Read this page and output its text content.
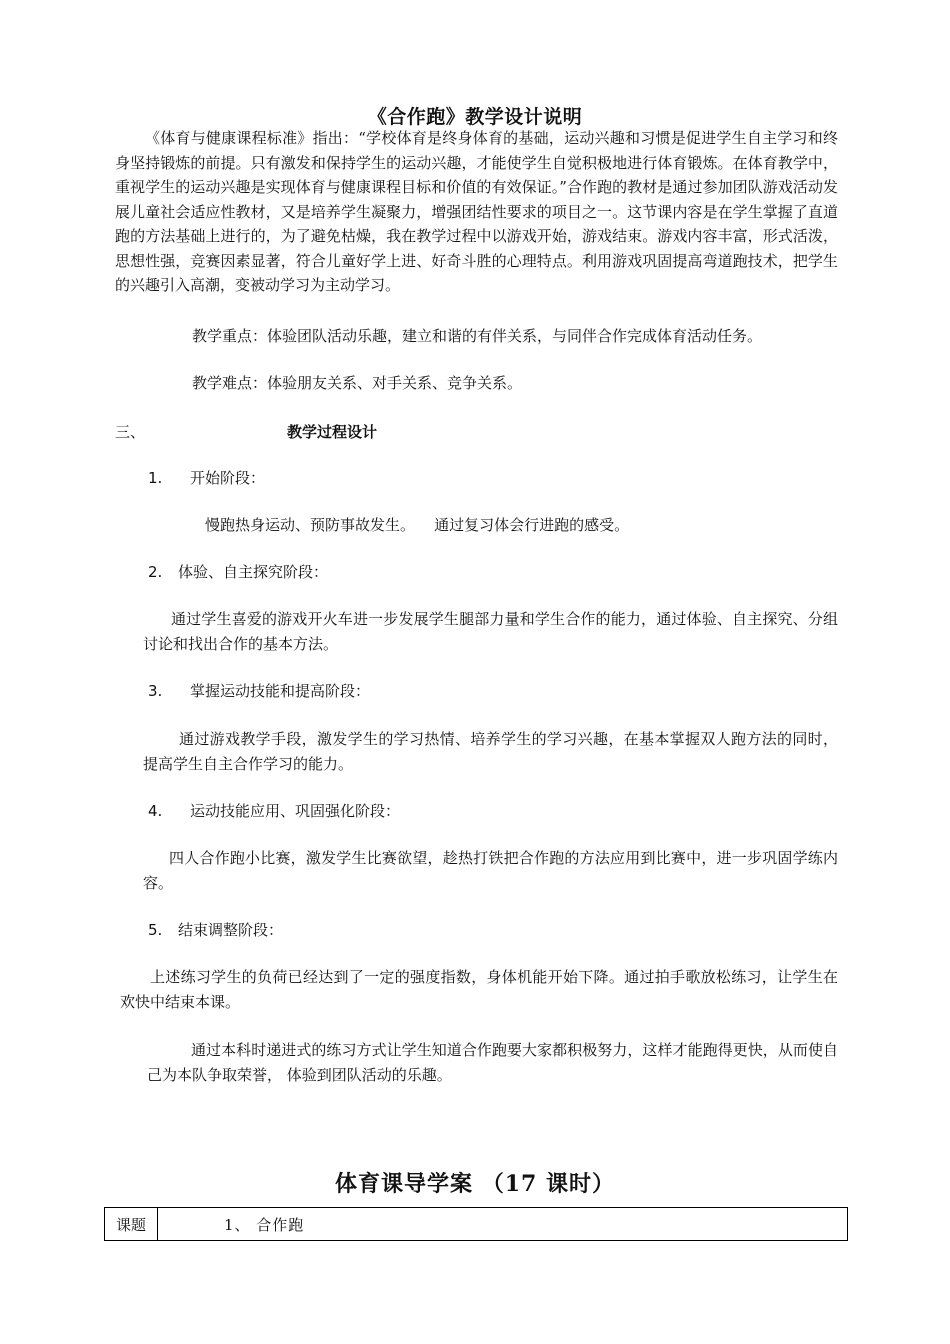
《合作跑》教学设计说明

《体育与健康课程标准》指出：“学校体育是终身体育的基础，运动兴趣和习惯是促进学生自主学习和终身坚持锻炼的前提。只有激发和保持学生的运动兴趣，才能使学生自觉积极地进行体育锻炼。在体育教学中，重视学生的运动兴趣是实现体育与健康课程目标和价值的有效保证。”合作跑的教材是通过参加团队游戏活动发展儿童社会适应性教材，又是培养学生凝聚力，增强团结性要求的项目之一。这节课内容是在学生掌握了直道跑的方法基础上进行的，为了避免枯燥，我在教学过程中以游戏开始，游戏结束。游戏内容丰富，形式活泼，思想性强，竞赛因素显著，符合儿童好学上进、好奇斗胜的心理特点。利用游戏巩固提高弯道跑技术，把学生的兴趣引入高潮，变被动学习为主动学习。

教学重点：体验团队活动乐趣，建立和谐的有伴关系，与同伴合作完成体育活动任务。

教学难点：体验朋友关系、对手关系、竞争关系。

三、	教学过程设计
1. 开始阶段：

慢跑热身运动、预防事故发生。    通过复习体会行进跑的感受。

2. 体验、自主探究阶段：

通过学生喜爱的游戏开火车进一步发展学生腿部力量和学生合作的能力，通过体验、自主探究、分组讨论和找出合作的基本方法。

3. 掌握运动技能和提高阶段：

通过游戏教学手段，激发学生的学习热情、培养学生的学习兴趣，在基本掌握双人跑方法的同时，提高学生自主合作学习的能力。

4. 运动技能应用、巩固强化阶段：

四人合作跑小比赛，激发学生比赛欲望，趁热打铁把合作跑的方法应用到比赛中，进一步巩固学练内容。

5. 结束调整阶段：

上述练习学生的负荷已经达到了一定的强度指数，身体机能开始下降。通过拍手歌放松练习，让学生在欢快中结束本课。

通过本科时递进式的练习方式让学生知道合作跑要大家都积极努力，这样才能跑得更快，从而使自己为本队争取荣誉， 体验到团队活动的乐趣。

体育课导学案 （17 课时）
课题	1、 合作跑
